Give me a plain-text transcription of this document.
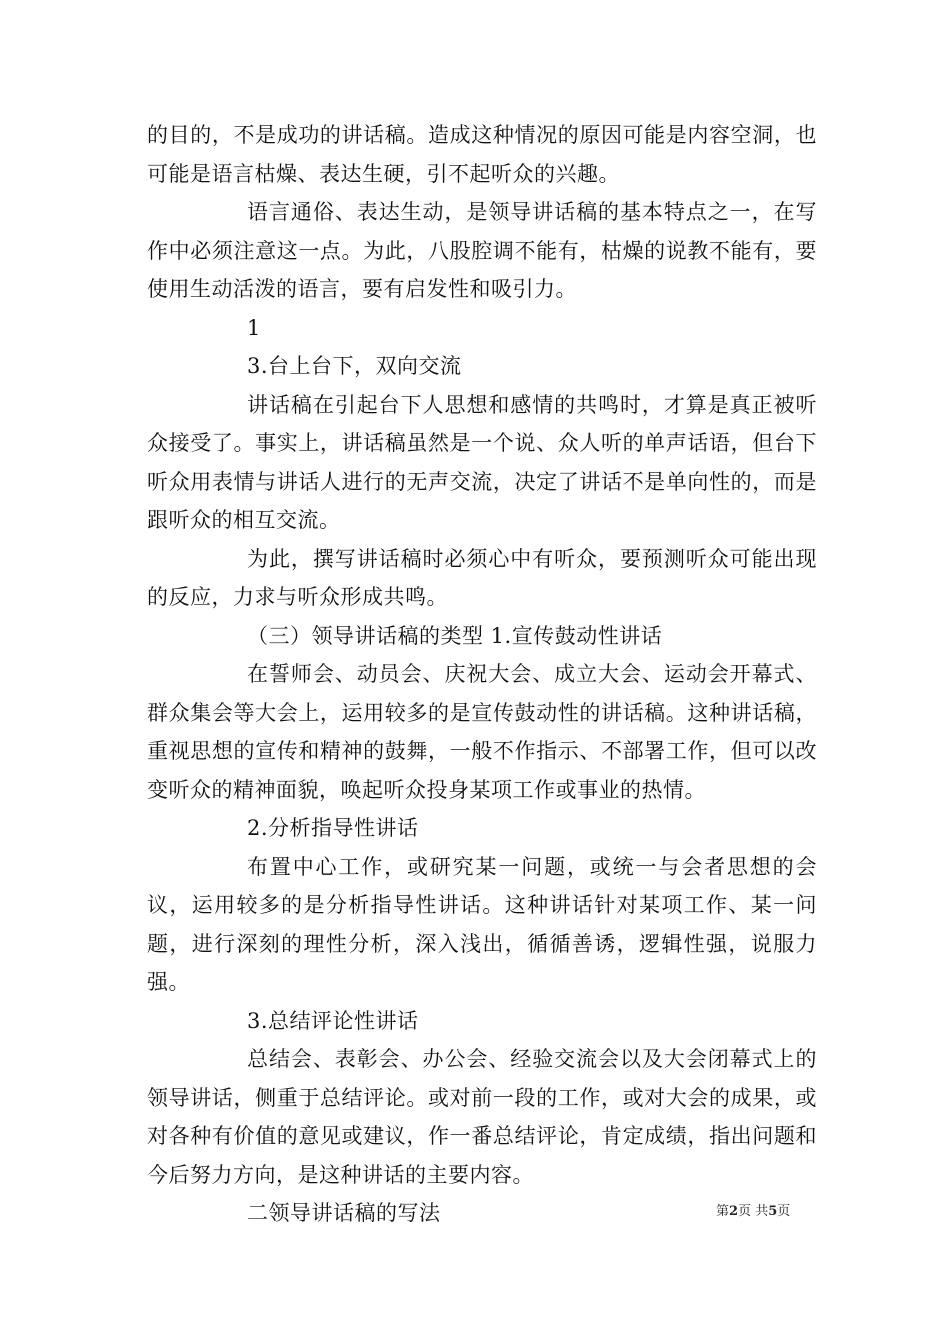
的目的，不是成功的讲话稿。造成这种情况的原因可能是内容空洞，也可能是语言枯燥、表达生硬，引不起听众的兴趣。

语言通俗、表达生动，是领导讲话稿的基本特点之一，在写作中必须注意这一点。为此，八股腔调不能有，枯燥的说教不能有，要使用生动活泼的语言，要有启发性和吸引力。

1

3.台上台下，双向交流

讲话稿在引起台下人思想和感情的共鸣时，才算是真正被听众接受了。事实上，讲话稿虽然是一个说、众人听的单声话语，但台下听众用表情与讲话人进行的无声交流，决定了讲话不是单向性的，而是跟听众的相互交流。

为此，撰写讲话稿时必须心中有听众，要预测听众可能出现的反应，力求与听众形成共鸣。

（三）领导讲话稿的类型 1.宣传鼓动性讲话

在誓师会、动员会、庆祝大会、成立大会、运动会开幕式、群众集会等大会上，运用较多的是宣传鼓动性的讲话稿。这种讲话稿，重视思想的宣传和精神的鼓舞，一般不作指示、不部署工作，但可以改变听众的精神面貌，唤起听众投身某项工作或事业的热情。

2.分析指导性讲话

布置中心工作，或研究某一问题，或统一与会者思想的会议，运用较多的是分析指导性讲话。这种讲话针对某项工作、某一问题，进行深刻的理性分析，深入浅出，循循善诱，逻辑性强，说服力强。

3.总结评论性讲话

总结会、表彰会、办公会、经验交流会以及大会闭幕式上的领导讲话，侧重于总结评论。或对前一段的工作，或对大会的成果，或对各种有价值的意见或建议，作一番总结评论，肯定成绩，指出问题和今后努力方向，是这种讲话的主要内容。

二领导讲话稿的写法	第2页 共5页
